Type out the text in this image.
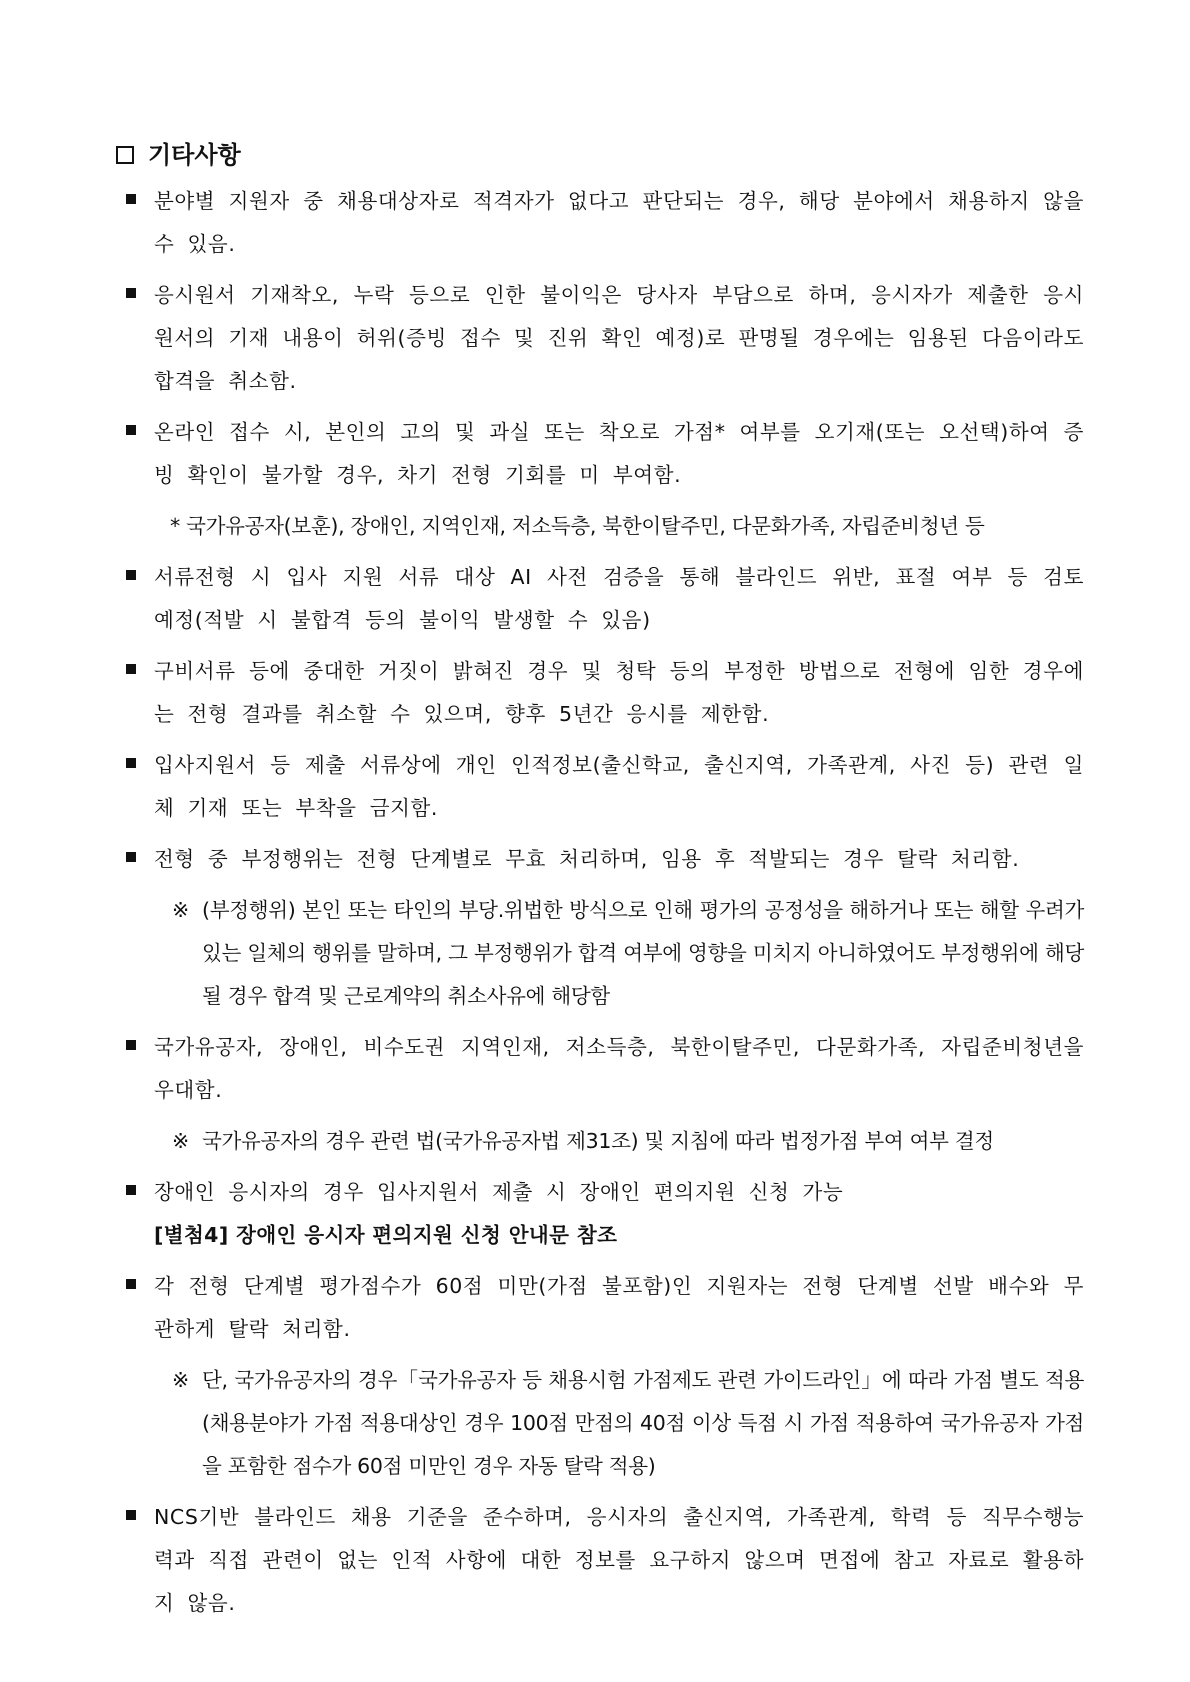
기타사항
분야별 지원자 중 채용대상자로 적격자가 없다고 판단되는 경우, 해당 분야에서 채용하지 않을 수 있음.
응시원서 기재착오, 누락 등으로 인한 불이익은 당사자 부담으로 하며, 응시자가 제출한 응시원서의 기재 내용이 허위(증빙 접수 및 진위 확인 예정)로 판명될 경우에는 임용된 다음이라도 합격을 취소함.
온라인 접수 시, 본인의 고의 및 과실 또는 착오로 가점* 여부를 오기재(또는 오선택)하여 증빙 확인이 불가할 경우, 차기 전형 기회를 미 부여함.
* 국가유공자(보훈), 장애인, 지역인재, 저소득층, 북한이탈주민, 다문화가족, 자립준비청년 등
서류전형 시 입사 지원 서류 대상 AI 사전 검증을 통해 블라인드 위반, 표절 여부 등 검토 예정(적발 시 불합격 등의 불이익 발생할 수 있음)
구비서류 등에 중대한 거짓이 밝혀진 경우 및 청탁 등의 부정한 방법으로 전형에 임한 경우에는 전형 결과를 취소할 수 있으며, 향후 5년간 응시를 제한함.
입사지원서 등 제출 서류상에 개인 인적정보(출신학교, 출신지역, 가족관계, 사진 등) 관련 일체 기재 또는 부착을 금지함.
전형 중 부정행위는 전형 단계별로 무효 처리하며, 임용 후 적발되는 경우 탈락 처리함.
※ (부정행위) 본인 또는 타인의 부당.위법한 방식으로 인해 평가의 공정성을 해하거나 또는 해할 우려가 있는 일체의 행위를 말하며, 그 부정행위가 합격 여부에 영향을 미치지 아니하였어도 부정행위에 해당될 경우 합격 및 근로계약의 취소사유에 해당함
국가유공자, 장애인, 비수도권 지역인재, 저소득층, 북한이탈주민, 다문화가족, 자립준비청년을 우대함.
※ 국가유공자의 경우 관련 법(국가유공자법 제31조) 및 지침에 따라 법정가점 부여 여부 결정
장애인 응시자의 경우 입사지원서 제출 시 장애인 편의지원 신청 가능
[별첨4] 장애인 응시자 편의지원 신청 안내문 참조
각 전형 단계별 평가점수가 60점 미만(가점 불포함)인 지원자는 전형 단계별 선발 배수와 무관하게 탈락 처리함.
※ 단, 국가유공자의 경우「국가유공자 등 채용시험 가점제도 관련 가이드라인」에 따라 가점 별도 적용(채용분야가 가점 적용대상인 경우 100점 만점의 40점 이상 득점 시 가점 적용하여 국가유공자 가점을 포함한 점수가 60점 미만인 경우 자동 탈락 적용)
NCS기반 블라인드 채용 기준을 준수하며, 응시자의 출신지역, 가족관계, 학력 등 직무수행능력과 직접 관련이 없는 인적 사항에 대한 정보를 요구하지 않으며 면접에 참고 자료로 활용하지 않음.
